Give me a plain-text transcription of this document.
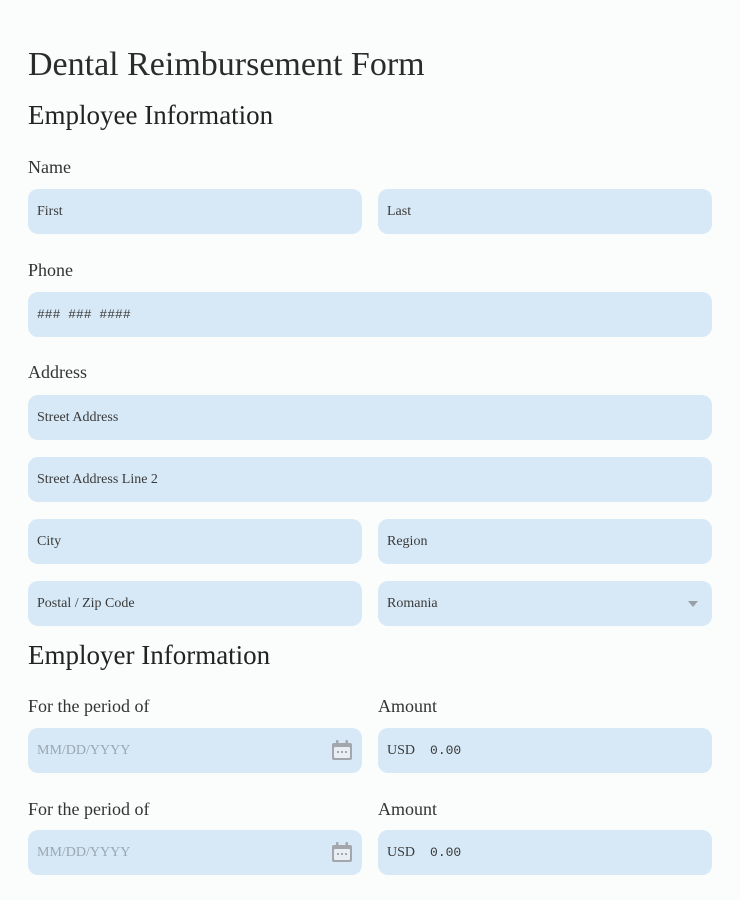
Dental Reimbursement Form
Employee Information
Name
First	Last
Phone
### ### ####
Address
Street Address
Street Address Line 2
City	Region
Postal / Zip Code	Romania
Employer Information
For the period of	Amount
MM/DD/YYYY	USD 0.00
For the period of	Amount
MM/DD/YYYY	USD 0.00
